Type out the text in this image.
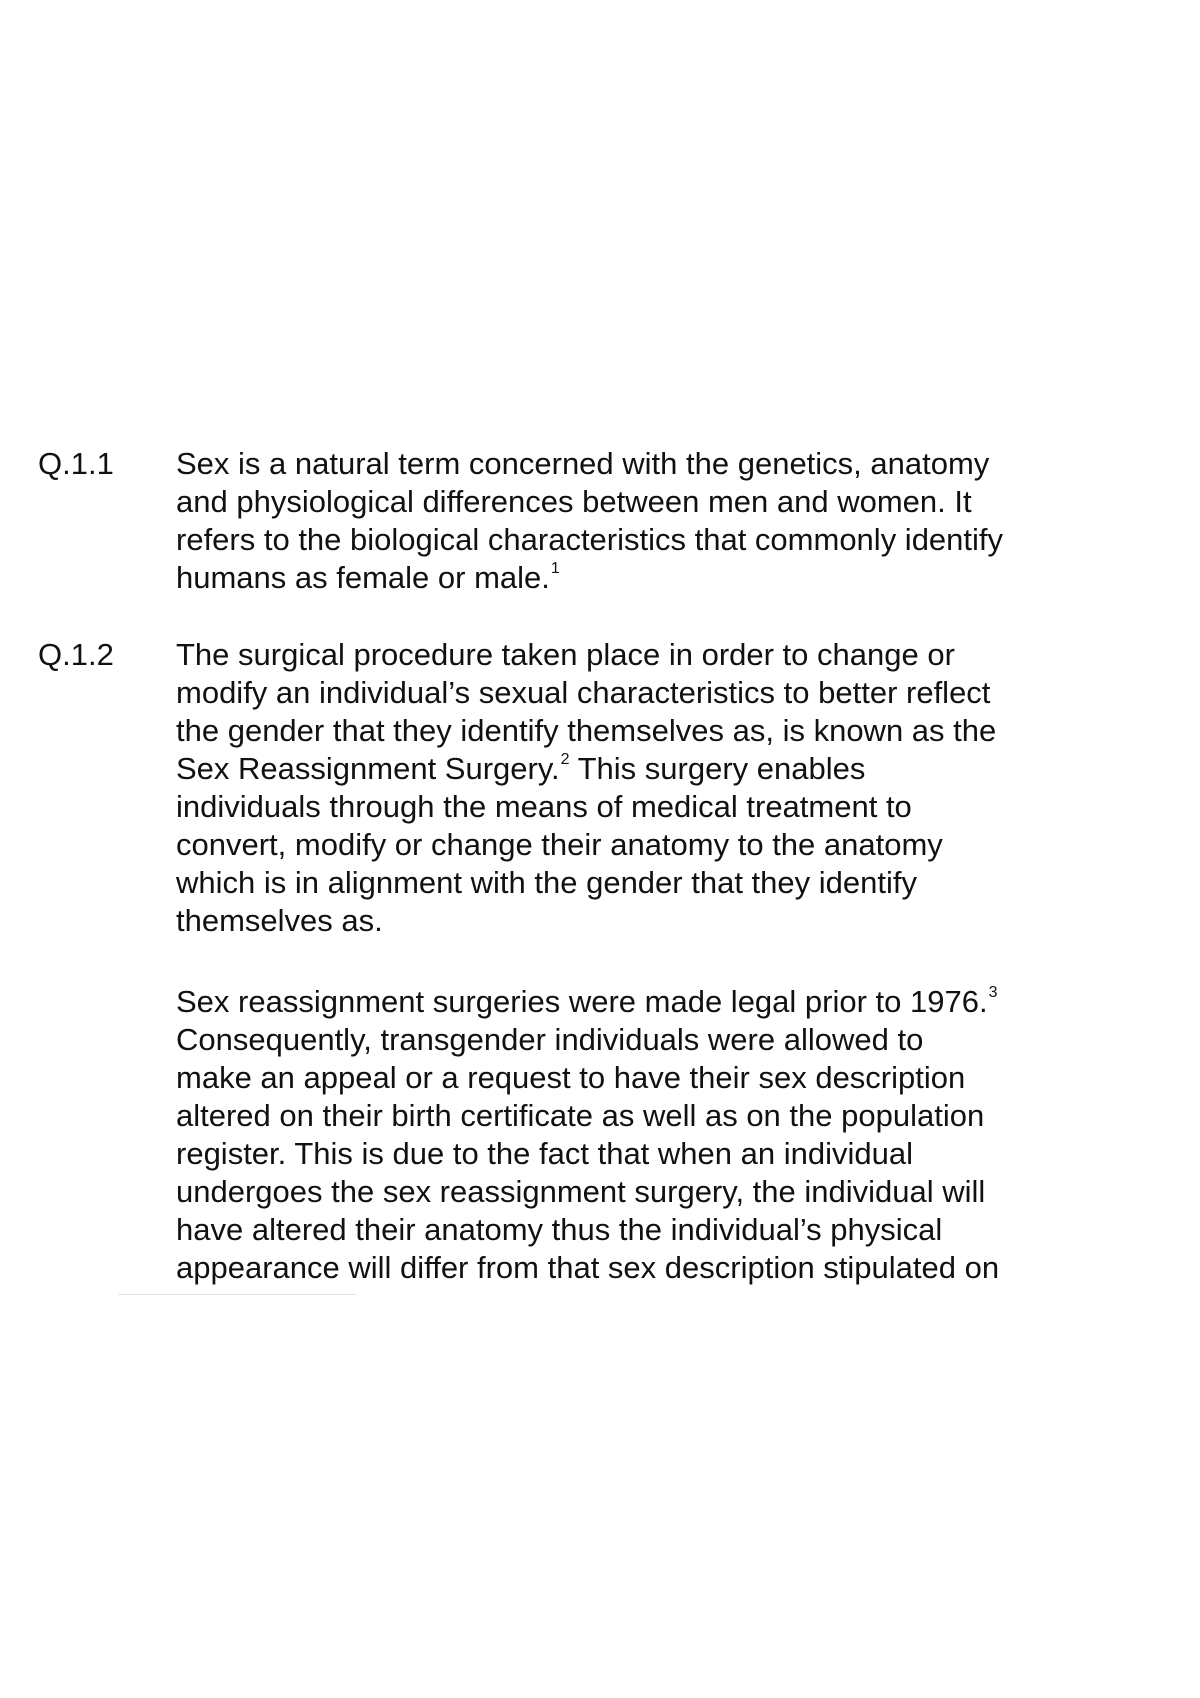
Q.1.1 Sex is a natural term concerned with the genetics, anatomy
and physiological differences between men and women. It
refers to the biological characteristics that commonly identify
humans as female or male.$^1$

Q.1.2 The surgical procedure taken place in order to change or
modify an individual’s sexual characteristics to better reflect
the gender that they identify themselves as, is known as the
Sex Reassignment Surgery.$^2$ This surgery enables
individuals through the means of medical treatment to
convert, modify or change their anatomy to the anatomy
which is in alignment with the gender that they identify
themselves as.

Sex reassignment surgeries were made legal prior to 1976.$^3$
Consequently, transgender individuals were allowed to
make an appeal or a request to have their sex description
altered on their birth certificate as well as on the population
register. This is due to the fact that when an individual
undergoes the sex reassignment surgery, the individual will
have altered their anatomy thus the individual’s physical
appearance will differ from that sex description stipulated on
